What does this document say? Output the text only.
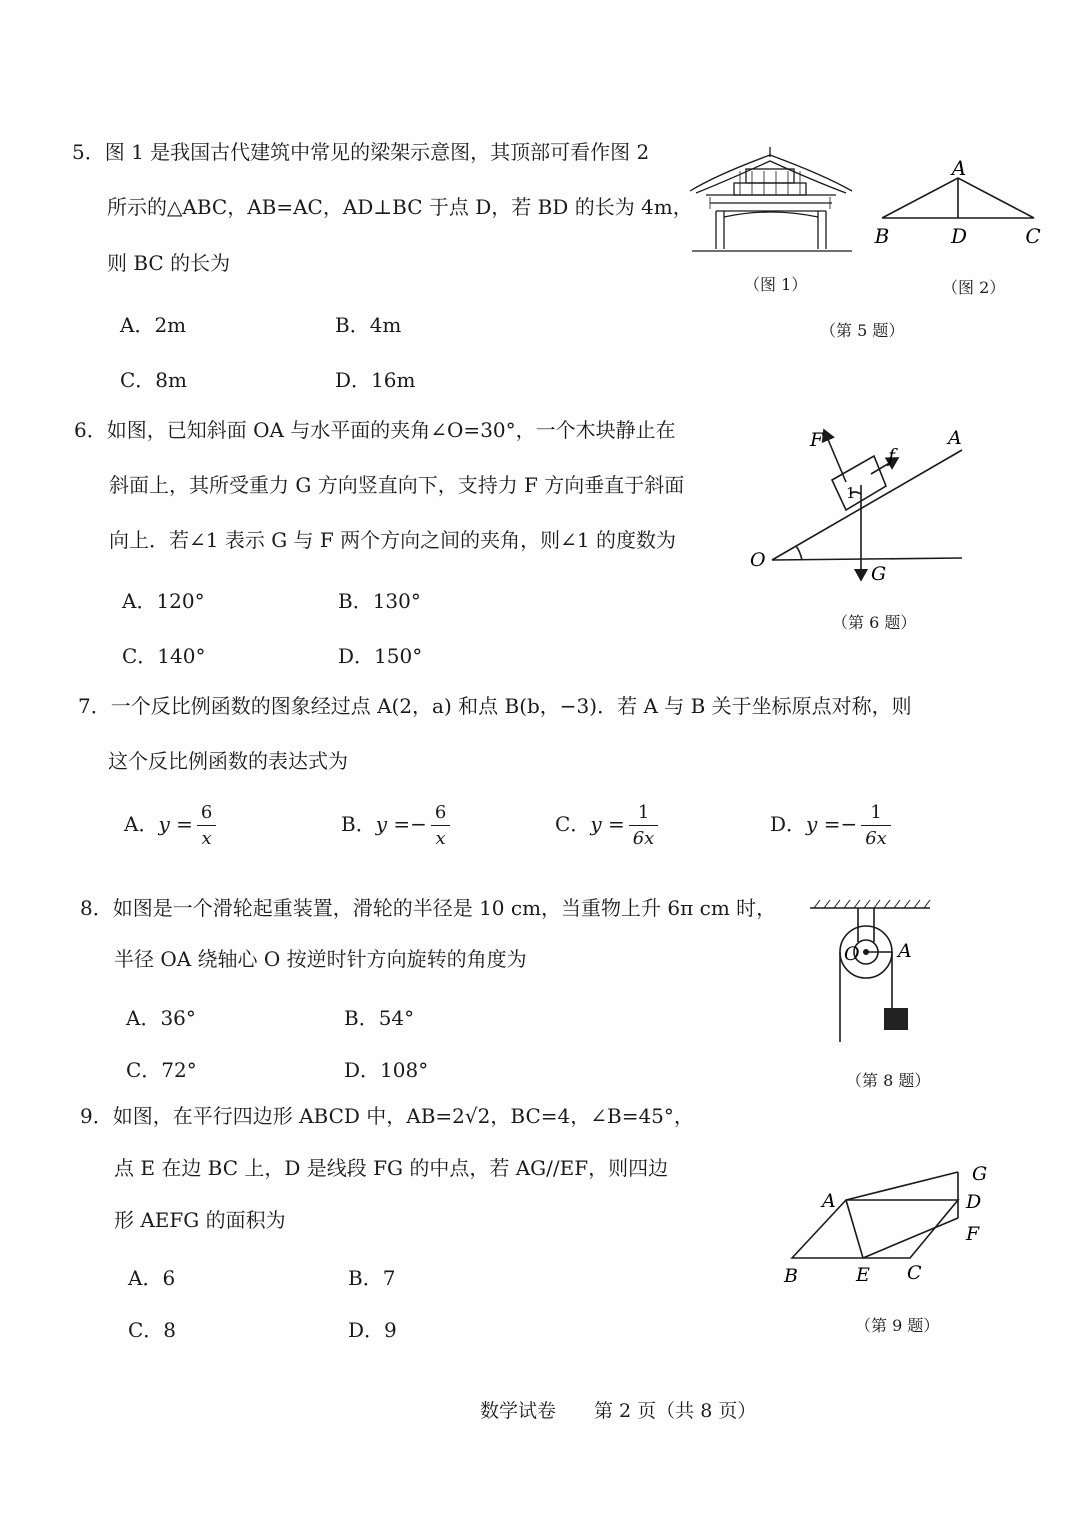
5．图 1 是我国古代建筑中常见的梁架示意图，其顶部可看作图 2
所示的△ABC，AB=AC，AD⊥BC 于点 D，若 BD 的长为 4m，
则 BC 的长为
A．2m	B．4m
C．8m	D．16m
（图 1）
A
B	D	C
（图 2）
（第 5 题）
6．如图，已知斜面 OA 与水平面的夹角∠O=30°，一个木块静止在
斜面上，其所受重力 G 方向竖直向下，支持力 F 方向垂直于斜面
向上．若∠1 表示 G 与 F 两个方向之间的夹角，则∠1 的度数为
A．120°	B．130°
C．140°	D．150°
F
f
A
O
G
1
（第 6 题）
7．一个反比例函数的图象经过点 A(2，a) 和点 B(b，−3)．若 A 与 B 关于坐标原点对称，则
这个反比例函数的表达式为
A．$y = \frac{6}{x}$	B．$y =- \frac{6}{x}$	C．$y = \frac{1}{6x}$	D．$y =- \frac{1}{6x}$
8．如图是一个滑轮起重装置，滑轮的半径是 10 cm，当重物上升 6π cm 时，
半径 OA 绕轴心 O 按逆时针方向旋转的角度为
A．36°	B．54°
C．72°	D．108°
O A
（第 8 题）
9．如图，在平行四边形 ABCD 中，AB=2√2，BC=4，∠B=45°，
点 E 在边 BC 上，D 是线段 FG 的中点，若 AG//EF，则四边
形 AEFG 的面积为
A．6	B．7
C．8	D．9
A
B	E C
D
F
G
（第 9 题）
数学试卷　　第 2 页（共 8 页）
